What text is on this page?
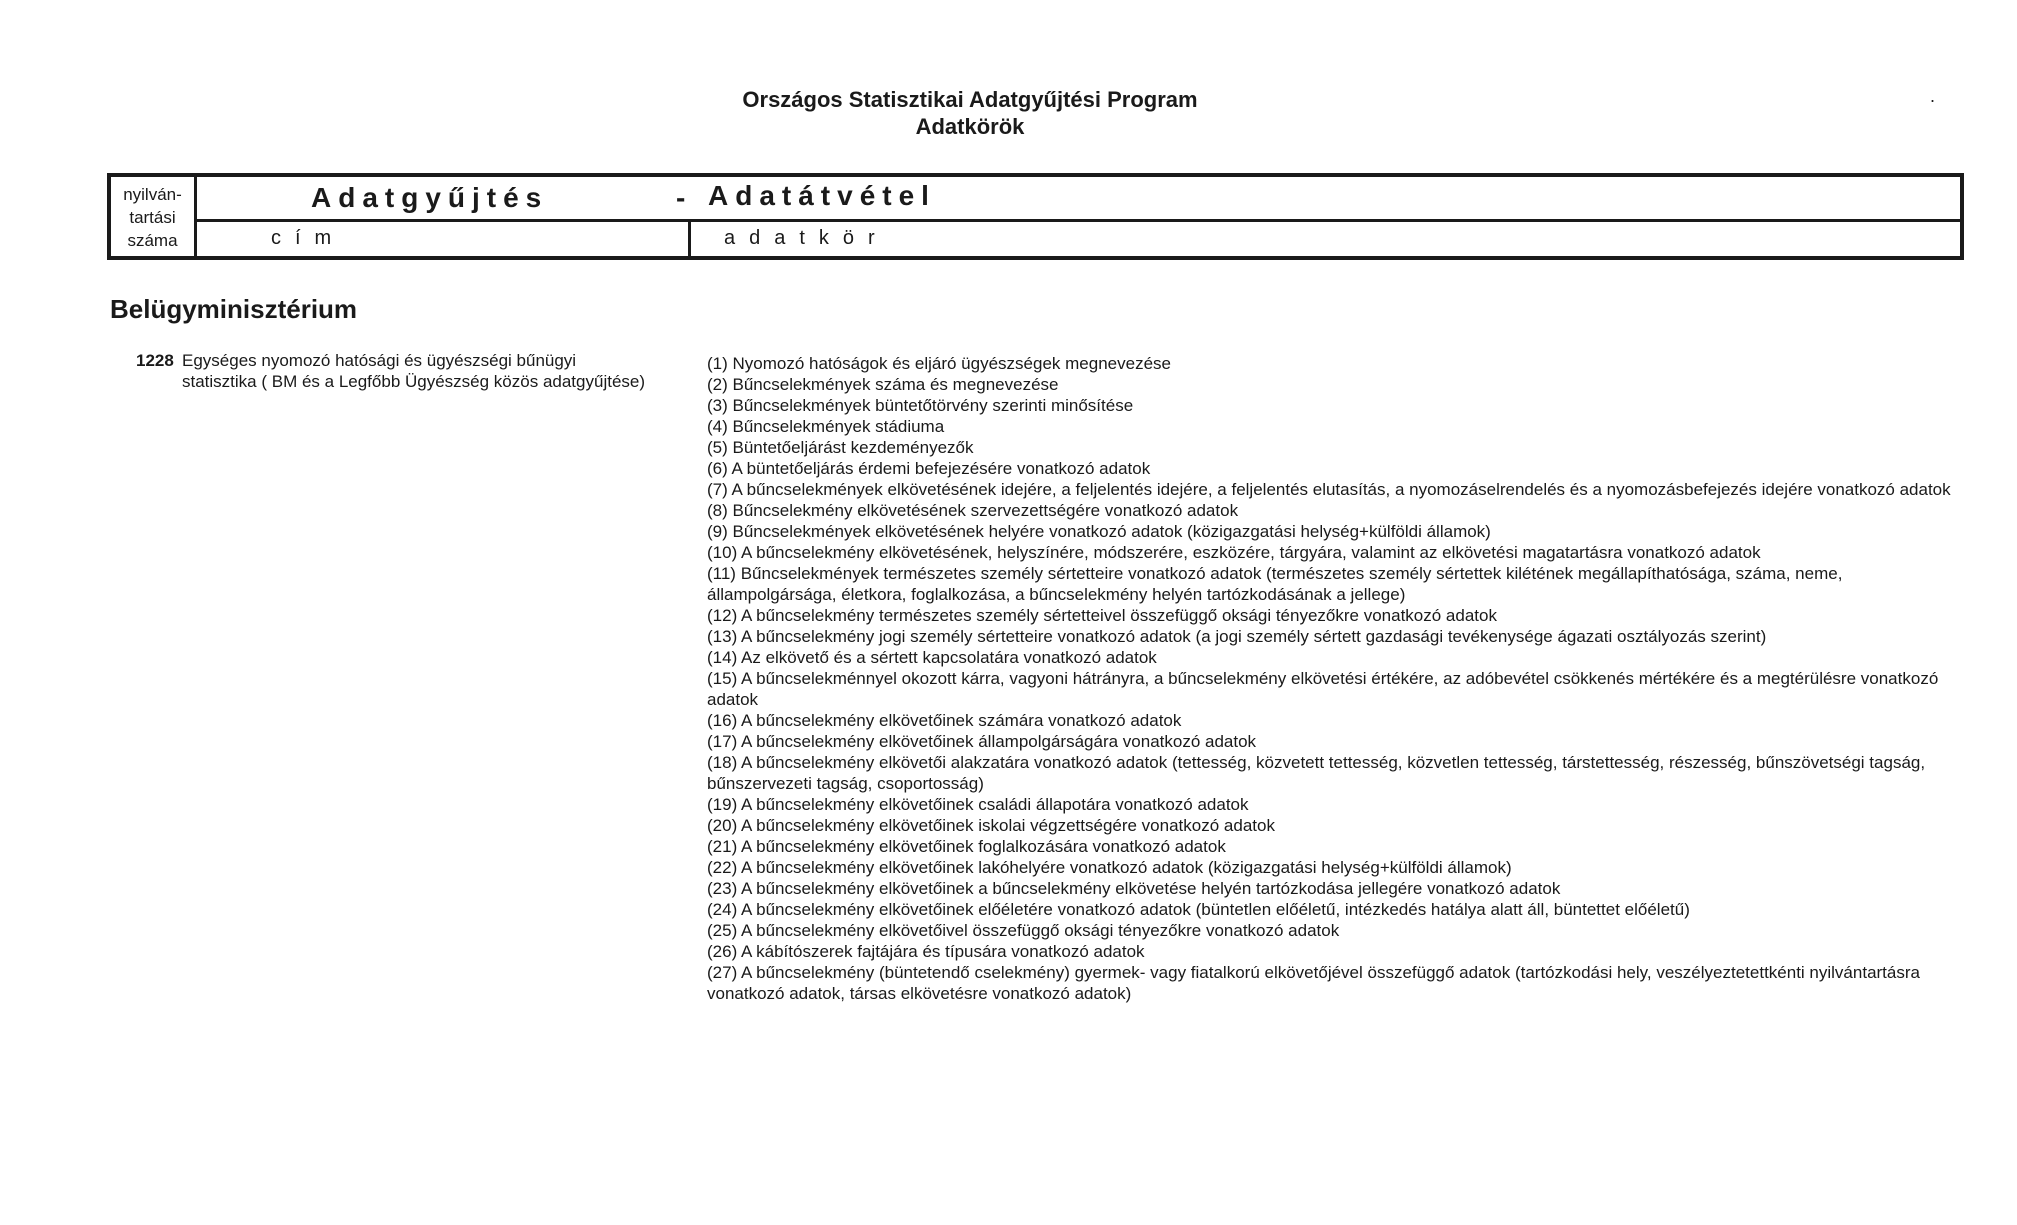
Országos Statisztikai Adatgyűjtési Program
Adatkörök
.
nyilván-
tartási
száma
Adatgyűjtés	- Adatátvétel
cím	adatkör
Belügyminisztérium
1228 Egységes nyomozó hatósági és ügyészségi bűnügyi statisztika ( BM és a Legfőbb Ügyészség közös adatgyűjtése)
(1) Nyomozó hatóságok és eljáró ügyészségek megnevezése
(2) Bűncselekmények száma és megnevezése
(3) Bűncselekmények büntetőtörvény szerinti minősítése
(4) Bűncselekmények stádiuma
(5) Büntetőeljárást kezdeményezők
(6) A büntetőeljárás érdemi befejezésére vonatkozó adatok
(7) A bűncselekmények elkövetésének idejére, a feljelentés idejére, a feljelentés elutasítás, a nyomozáselrendelés és a nyomozásbefejezés idejére vonatkozó adatok
(8) Bűncselekmény elkövetésének szervezettségére vonatkozó adatok
(9) Bűncselekmények elkövetésének helyére vonatkozó adatok (közigazgatási helység+külföldi államok)
(10) A bűncselekmény elkövetésének, helyszínére, módszerére, eszközére, tárgyára, valamint az elkövetési magatartásra vonatkozó adatok
(11) Bűncselekmények természetes személy sértetteire vonatkozó adatok (természetes személy sértettek kilétének megállapíthatósága, száma, neme, állampolgársága, életkora, foglalkozása, a bűncselekmény helyén tartózkodásának a jellege)
(12) A bűncselekmény természetes személy sértetteivel összefüggő oksági tényezőkre vonatkozó adatok
(13) A bűncselekmény jogi személy sértetteire vonatkozó adatok (a jogi személy sértett gazdasági tevékenysége ágazati osztályozás szerint)
(14) Az elkövető és a sértett kapcsolatára vonatkozó adatok
(15) A bűncselekménnyel okozott kárra, vagyoni hátrányra, a bűncselekmény elkövetési értékére, az adóbevétel csökkenés mértékére és a megtérülésre vonatkozó adatok
(16) A bűncselekmény elkövetőinek számára vonatkozó adatok
(17) A bűncselekmény elkövetőinek állampolgárságára vonatkozó adatok
(18) A bűncselekmény elkövetői alakzatára vonatkozó adatok (tettesség, közvetett tettesség, közvetlen tettesség, társtettesség, részesség, bűnszövetségi tagság, bűnszervezeti tagság, csoportosság)
(19) A bűncselekmény elkövetőinek családi állapotára vonatkozó adatok
(20) A bűncselekmény elkövetőinek iskolai végzettségére vonatkozó adatok
(21) A bűncselekmény elkövetőinek foglalkozására vonatkozó adatok
(22) A bűncselekmény elkövetőinek lakóhelyére vonatkozó adatok (közigazgatási helység+külföldi államok)
(23) A bűncselekmény elkövetőinek a bűncselekmény elkövetése helyén tartózkodása jellegére vonatkozó adatok
(24) A bűncselekmény elkövetőinek előéletére vonatkozó adatok (büntetlen előéletű, intézkedés hatálya alatt áll, büntettet előéletű)
(25) A bűncselekmény elkövetőivel összefüggő oksági tényezőkre vonatkozó adatok
(26) A kábítószerek fajtájára és típusára vonatkozó adatok
(27) A bűncselekmény (büntetendő cselekmény) gyermek- vagy fiatalkorú elkövetőjével összefüggő adatok (tartózkodási hely, veszélyeztetettkénti nyilvántartásra vonatkozó adatok, társas elkövetésre vonatkozó adatok)
